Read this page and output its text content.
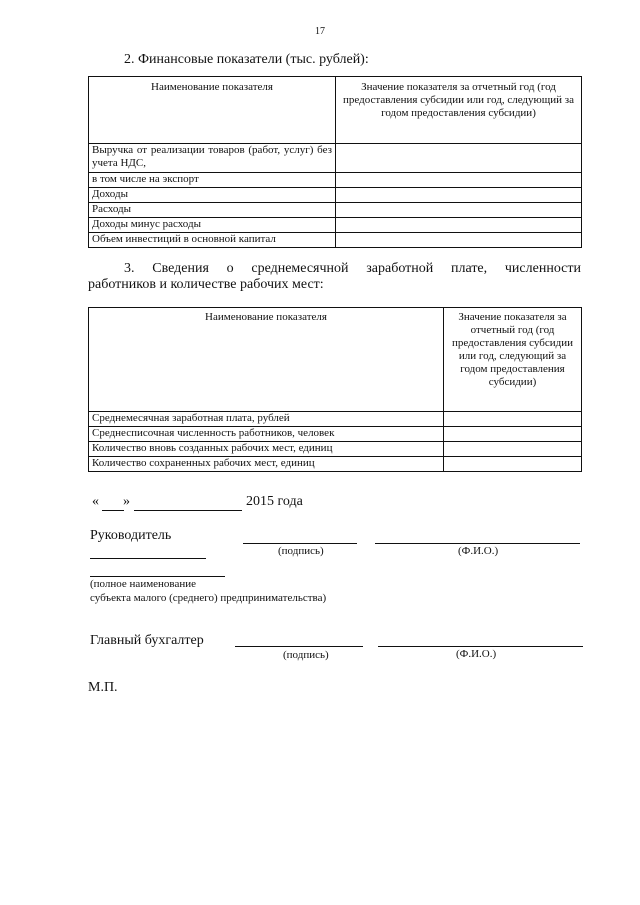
17
2. Финансовые показатели (тыс. рублей):
Наименование показателя	Значение показателя за отчетный год (год предоставления субсидии или год, следующий за годом предоставления субсидии)
Выручка от реализации товаров (работ, услуг) без учета НДС,	
в том числе на экспорт	
Доходы	
Расходы	
Доходы минус расходы	
Объем инвестиций в основной капитал	
3. Сведения о среднемесячной заработной плате, численности
работников и количестве рабочих мест:
Наименование показателя	Значение показателя за отчетный год (год предоставления субсидии или год, следующий за годом предоставления субсидии)
Среднемесячная заработная плата, рублей	
Среднесписочная численность работников, человек	
Количество вновь созданных рабочих мест, единиц	
Количество сохраненных рабочих мест, единиц	
« »	2015 года
Руководитель
(подпись)	(Ф.И.О.)
(полное наименование
субъекта малого (среднего) предпринимательства)
Главный бухгалтер
(подпись)	(Ф.И.О.)
М.П.
